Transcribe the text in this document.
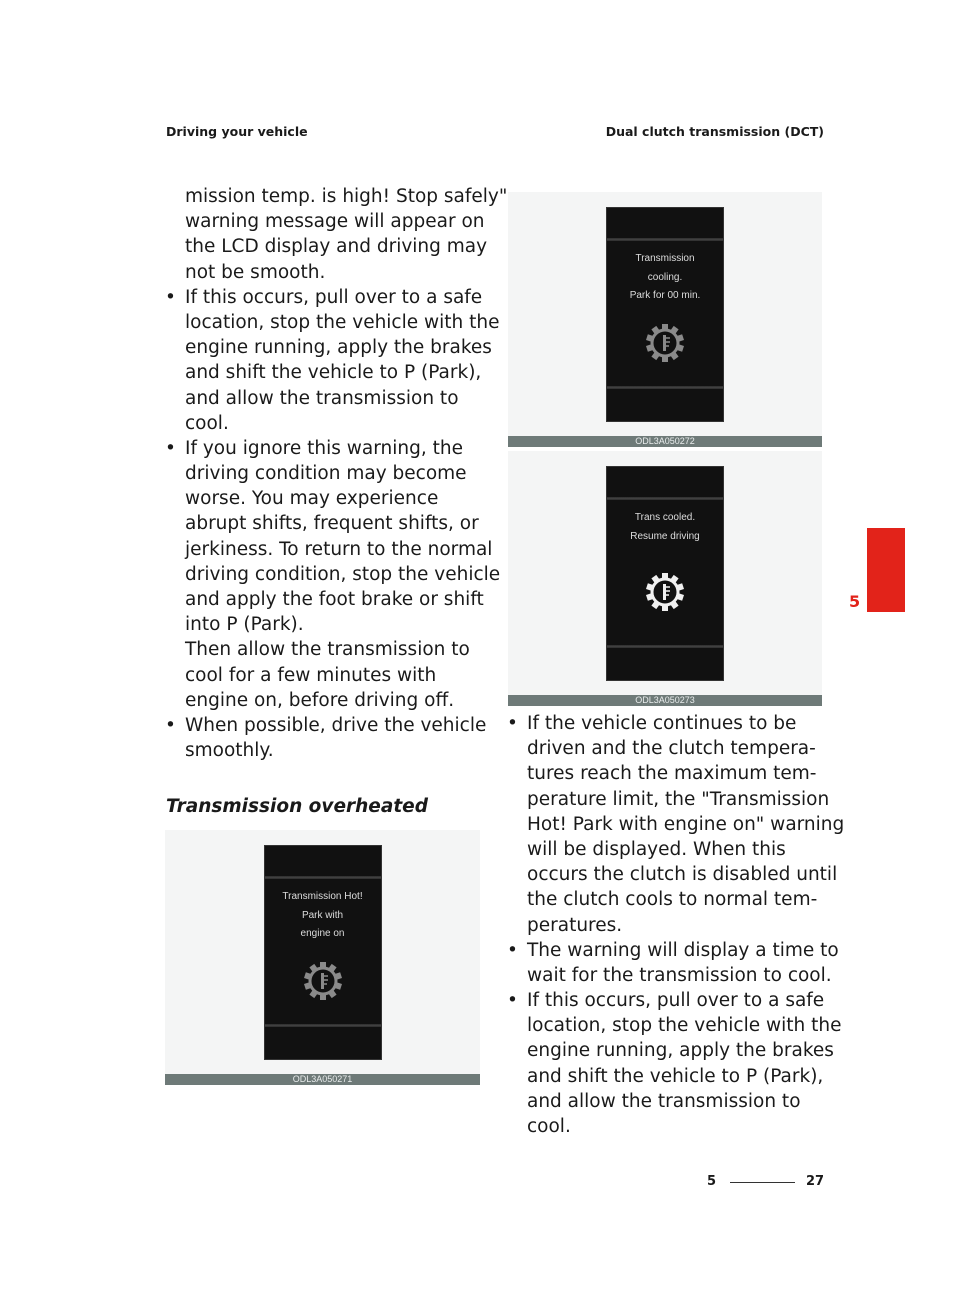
Driving your vehicle	Dual clutch transmission (DCT)
mission temp. is high! Stop safely"
warning message will appear on
the LCD display and driving may
not be smooth.
• If this occurs, pull over to a safe
location, stop the vehicle with the
engine running, apply the brakes
and shift the vehicle to P (Park),
and allow the transmission to
cool.
• If you ignore this warning, the
driving condition may become
worse. You may experience
abrupt shifts, frequent shifts, or
jerkiness. To return to the normal
driving condition, stop the vehicle
and apply the foot brake or shift
into P (Park).
Then allow the transmission to
cool for a few minutes with
engine on, before driving off.
• When possible, drive the vehicle
smoothly.
Transmission overheated
Transmission Hot!
Park with
engine on
ODL3A050271
Transmission
cooling.
Park for 00 min.
ODL3A050272
Trans cooled.
Resume driving
ODL3A050273
• If the vehicle continues to be
driven and the clutch tempera-
tures reach the maximum tem-
perature limit, the "Transmission
Hot! Park with engine on" warning
will be displayed. When this
occurs the clutch is disabled until
the clutch cools to normal tem-
peratures.
• The warning will display a time to
wait for the transmission to cool.
• If this occurs, pull over to a safe
location, stop the vehicle with the
engine running, apply the brakes
and shift the vehicle to P (Park),
and allow the transmission to
cool.
5
5	27
